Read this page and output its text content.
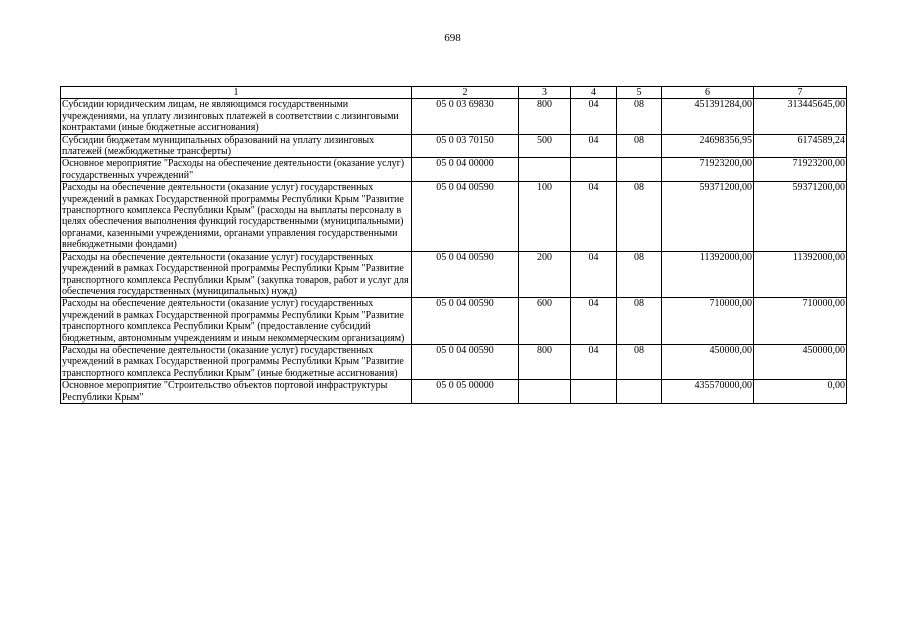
698
1	2	3	4	5	6	7
Субсидии юридическим лицам, не являющимся государственными учреждениями, на уплату лизинговых платежей в соответствии с лизинговыми контрактами (иные бюджетные ассигнования)	05 0 03 69830	800	04	08	451391284,00	313445645,00
Субсидии бюджетам муниципальных образований на уплату лизинговых платежей (межбюджетные трансферты)	05 0 03 70150	500	04	08	24698356,95	6174589,24
Основное мероприятие "Расходы на обеспечение деятельности (оказание услуг) государственных учреждений"	05 0 04 00000				71923200,00	71923200,00
Расходы на обеспечение деятельности (оказание услуг) государственных учреждений в рамках Государственной программы Республики Крым "Развитие транспортного комплекса Республики Крым" (расходы на выплаты персоналу в целях обеспечения выполнения функций государственными (муниципальными) органами, казенными учреждениями, органами управления государственными внебюджетными фондами)	05 0 04 00590	100	04	08	59371200,00	59371200,00
Расходы на обеспечение деятельности (оказание услуг) государственных учреждений в рамках Государственной программы Республики Крым "Развитие транспортного комплекса Республики Крым" (закупка товаров, работ и услуг для обеспечения государственных (муниципальных) нужд)	05 0 04 00590	200	04	08	11392000,00	11392000,00
Расходы на обеспечение деятельности (оказание услуг) государственных учреждений в рамках Государственной программы Республики Крым "Развитие транспортного комплекса Республики Крым" (предоставление субсидий бюджетным, автономным учреждениям и иным некоммерческим организациям)	05 0 04 00590	600	04	08	710000,00	710000,00
Расходы на обеспечение деятельности (оказание услуг) государственных учреждений в рамках Государственной программы Республики Крым "Развитие транспортного комплекса Республики Крым" (иные бюджетные ассигнования)	05 0 04 00590	800	04	08	450000,00	450000,00
Основное мероприятие "Строительство объектов портовой инфраструктуры Республики Крым"	05 0 05 00000				435570000,00	0,00
